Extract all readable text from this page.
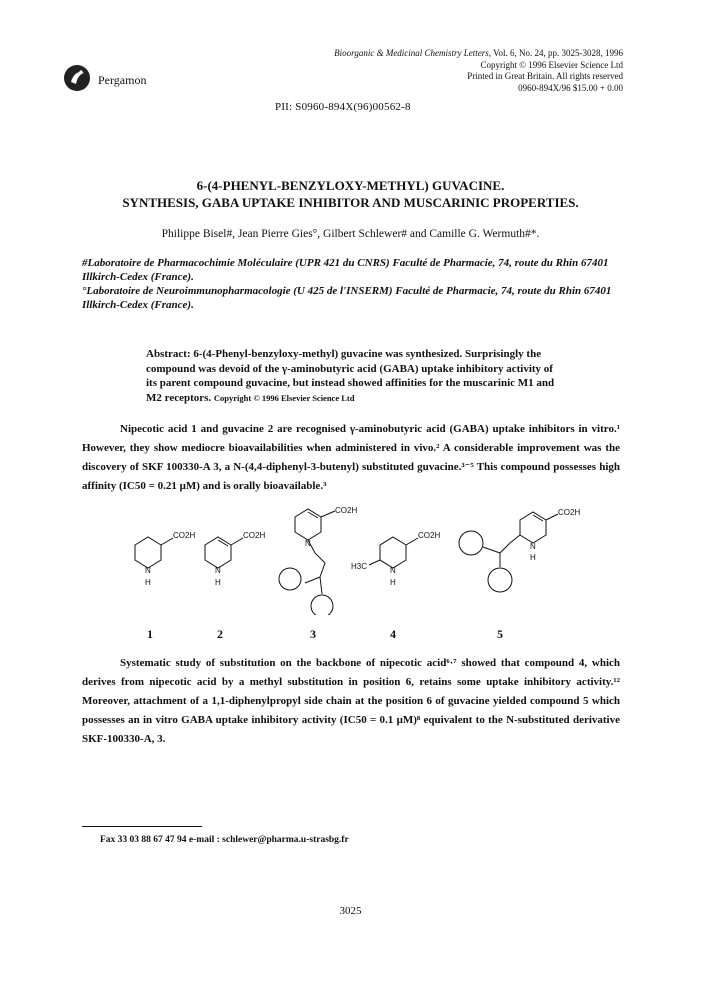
Pergamon
Bioorganic & Medicinal Chemistry Letters, Vol. 6, No. 24, pp. 3025-3028, 1996
Copyright © 1996 Elsevier Science Ltd
Printed in Great Britain. All rights reserved
0960-894X/96 $15.00 + 0.00
PII: S0960-894X(96)00562-8
6-(4-PHENYL-BENZYLOXY-METHYL) GUVACINE.
SYNTHESIS, GABA UPTAKE INHIBITOR AND MUSCARINIC PROPERTIES.
Philippe Bisel#, Jean Pierre Gies°, Gilbert Schlewer# and Camille G. Wermuth#*.
#Laboratoire de Pharmacochimie Moléculaire (UPR 421 du CNRS) Faculté de Pharmacie, 74, route du Rhin 67401 Illkirch-Cedex (France).
°Laboratoire de Neuroimmunopharmacologie (U 425 de l'INSERM) Faculté de Pharmacie, 74, route du Rhin 67401 Illkirch-Cedex (France).
Abstract: 6-(4-Phenyl-benzyloxy-methyl) guvacine was synthesized. Surprisingly the compound was devoid of the γ-aminobutyric acid (GABA) uptake inhibitory activity of its parent compound guvacine, but instead showed affinities for the muscarinic M1 and M2 receptors. Copyright © 1996 Elsevier Science Ltd
Nipecotic acid 1 and guvacine 2 are recognised γ-aminobutyric acid (GABA) uptake inhibitors in vitro.¹ However, they show mediocre bioavailabilities when administered in vivo.² A considerable improvement was the discovery of SKF 100330-A 3, a N-(4,4-diphenyl-3-butenyl) substituted guvacine.³⁻⁵ This compound possesses high affinity (IC50 = 0.21 μM) and is orally bioavailable.³
CO2H
N
H
CO2H
N
H
CO2H
N
CO2H
N
H
H3C
CO2H
N
H
1	2	3	4	5
Systematic study of substitution on the backbone of nipecotic acid⁶·⁷ showed that compound 4, which derives from nipecotic acid by a methyl substitution in position 6, retains some uptake inhibitory activity.¹² Moreover, attachment of a 1,1-diphenylpropyl side chain at the position 6 of guvacine yielded compound 5 which possesses an in vitro GABA uptake inhibitory activity (IC50 = 0.1 μM)⁸ equivalent to the N-substituted derivative SKF-100330-A, 3.
Fax 33 03 88 67 47 94 e-mail : schlewer@pharma.u-strasbg.fr
3025
